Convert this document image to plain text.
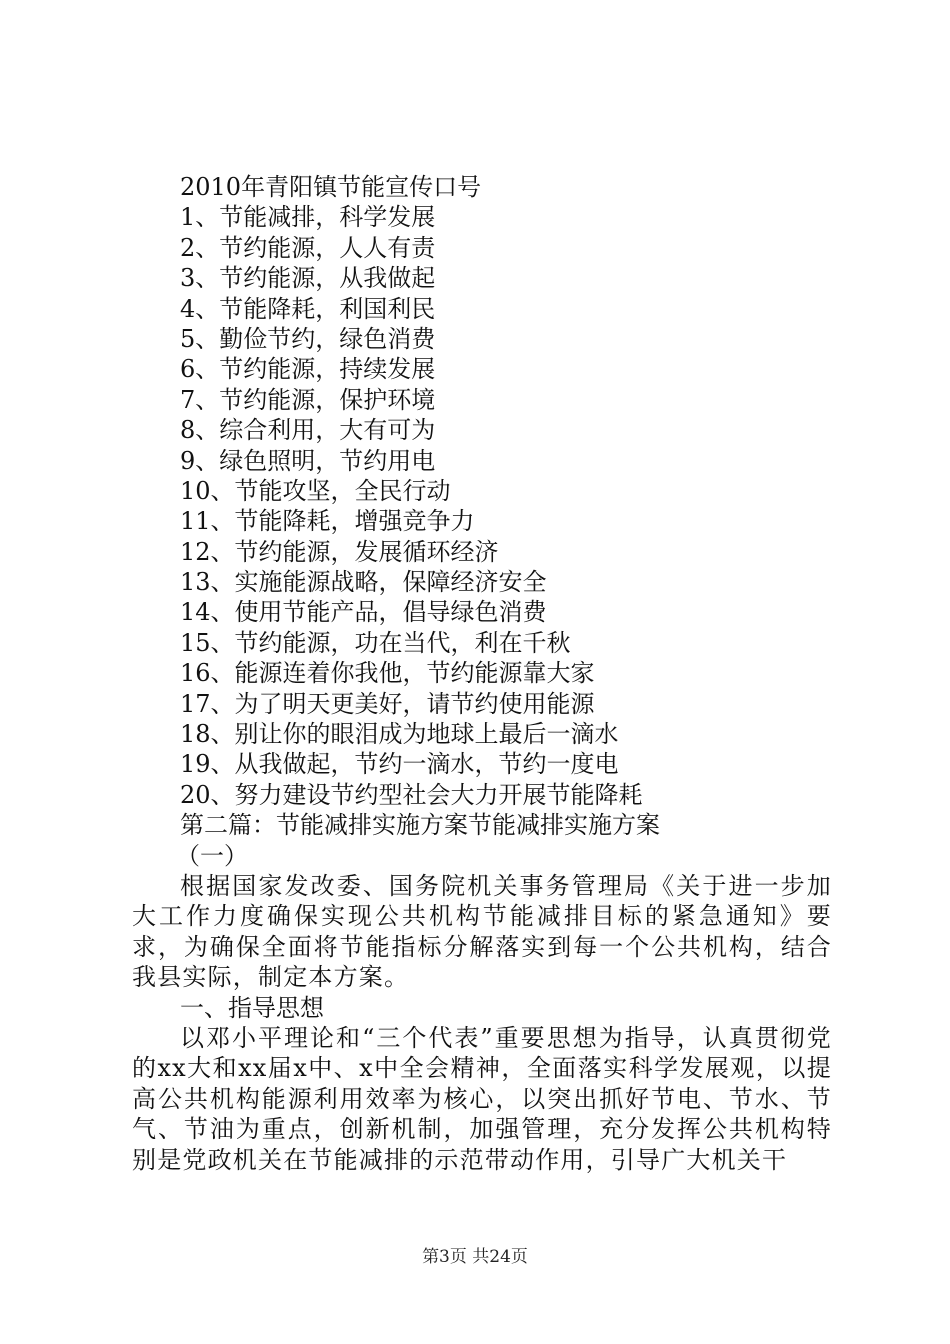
2010年青阳镇节能宣传口号
1、节能减排，科学发展
2、节约能源，人人有责
3、节约能源，从我做起
4、节能降耗，利国利民
5、勤俭节约，绿色消费
6、节约能源，持续发展
7、节约能源，保护环境
8、综合利用，大有可为
9、绿色照明，节约用电
10、节能攻坚，全民行动
11、节能降耗，增强竞争力
12、节约能源，发展循环经济
13、实施能源战略，保障经济安全
14、使用节能产品，倡导绿色消费
15、节约能源，功在当代，利在千秋
16、能源连着你我他，节约能源靠大家
17、为了明天更美好，请节约使用能源
18、别让你的眼泪成为地球上最后一滴水
19、从我做起，节约一滴水，节约一度电
20、努力建设节约型社会大力开展节能降耗
第二篇：节能减排实施方案节能减排实施方案
（一）

根据国家发改委、国务院机关事务管理局《关于进一步加大工作力度确保实现公共机构节能减排目标的紧急通知》要求，为确保全面将节能指标分解落实到每一个公共机构，结合我县实际，制定本方案。

一、指导思想

以邓小平理论和“三个代表”重要思想为指导，认真贯彻党的xx大和xx届x中、x中全会精神，全面落实科学发展观，以提高公共机构能源利用效率为核心，以突出抓好节电、节水、节气、节油为重点，创新机制，加强管理，充分发挥公共机构特别是党政机关在节能减排的示范带动作用，引导广大机关干

第3页 共24页
